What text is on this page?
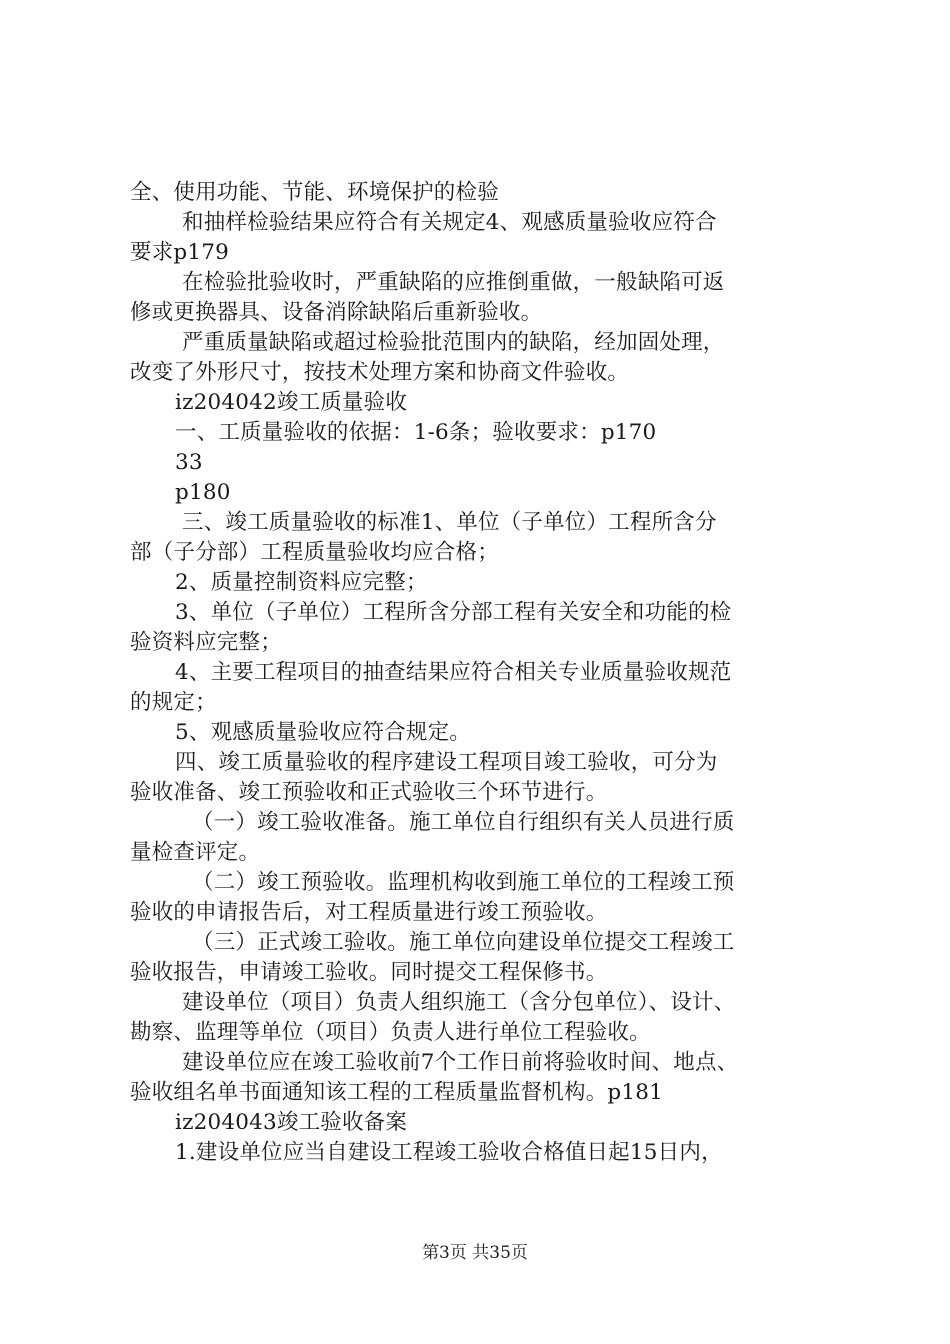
全、使用功能、节能、环境保护的检验
和抽样检验结果应符合有关规定4、观感质量验收应符合
要求p179
在检验批验收时，严重缺陷的应推倒重做，一般缺陷可返
修或更换器具、设备消除缺陷后重新验收。
严重质量缺陷或超过检验批范围内的缺陷，经加固处理，
改变了外形尺寸，按技术处理方案和协商文件验收。
iz204042竣工质量验收
一、工质量验收的依据：1-6条；验收要求：p170
33
p180
三、竣工质量验收的标准1、单位（子单位）工程所含分
部（子分部）工程质量验收均应合格；
2、质量控制资料应完整；
3、单位（子单位）工程所含分部工程有关安全和功能的检
验资料应完整；
4、主要工程项目的抽查结果应符合相关专业质量验收规范
的规定；
5、观感质量验收应符合规定。
四、竣工质量验收的程序建设工程项目竣工验收，可分为
验收准备、竣工预验收和正式验收三个环节进行。
（一）竣工验收准备。施工单位自行组织有关人员进行质
量检查评定。
（二）竣工预验收。监理机构收到施工单位的工程竣工预
验收的申请报告后，对工程质量进行竣工预验收。
（三）正式竣工验收。施工单位向建设单位提交工程竣工
验收报告，申请竣工验收。同时提交工程保修书。
建设单位（项目）负责人组织施工（含分包单位）、设计、
勘察、监理等单位（项目）负责人进行单位工程验收。
建设单位应在竣工验收前7个工作日前将验收时间、地点、
验收组名单书面通知该工程的工程质量监督机构。p181
iz204043竣工验收备案
1.建设单位应当自建设工程竣工验收合格值日起15日内，
第3页 共35页
